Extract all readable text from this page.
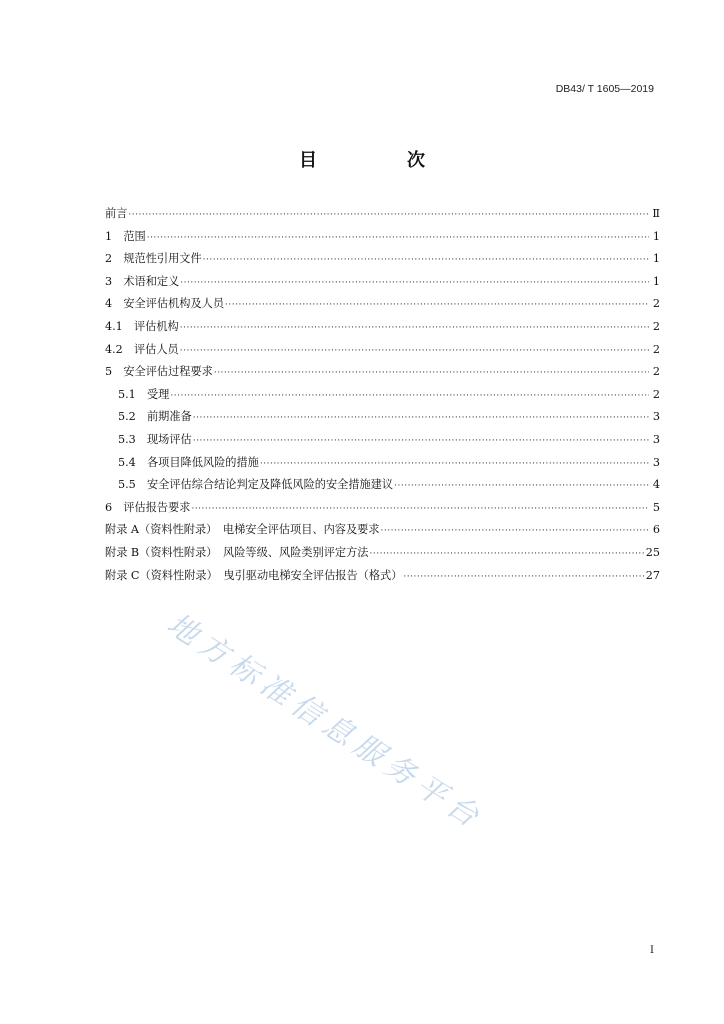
DB43/ T 1605—2019
目　次
前言 ·····	Ⅱ
1　 范围 ·····	1
2　 规范性引用文件 ·····	1
3　 术语和定义 ·····	1
4　 安全评估机构及人员 ·····	2
4.1　 评估机构 ·····	2
4.2　 评估人员 ·····	2
5　 安全评估过程要求 ·····	2
5.1　 受理 ·····	2
5.2　 前期准备 ·····	3
5.3　 现场评估 ·····	3
5.4　 各项目降低风险的措施 ·····	3
5.5　 安全评估综合结论判定及降低风险的安全措施建议 ·····	4
6　 评估报告要求 ·····	5
附录 A（资料性附录）　电梯安全评估项目、内容及要求 ·····	6
附录 B（资料性附录）　风险等级、风险类别评定方法 ·····	25
附录 C（资料性附录）　曳引驱动电梯安全评估报告（格式） ·····	27
地方标准信息服务平台
I
